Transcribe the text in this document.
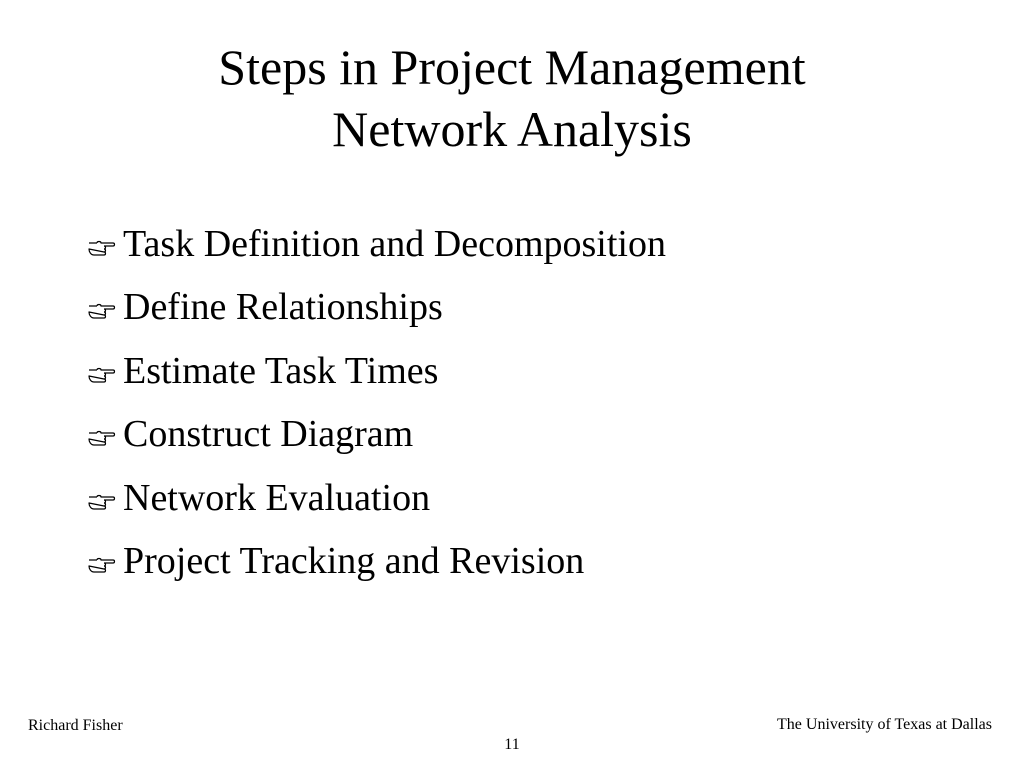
Steps in Project Management
Network Analysis
Task Definition and Decomposition
Define Relationships
Estimate Task Times
Construct Diagram
Network Evaluation
Project Tracking and Revision
Richard Fisher	The University of Texas at Dallas
11
